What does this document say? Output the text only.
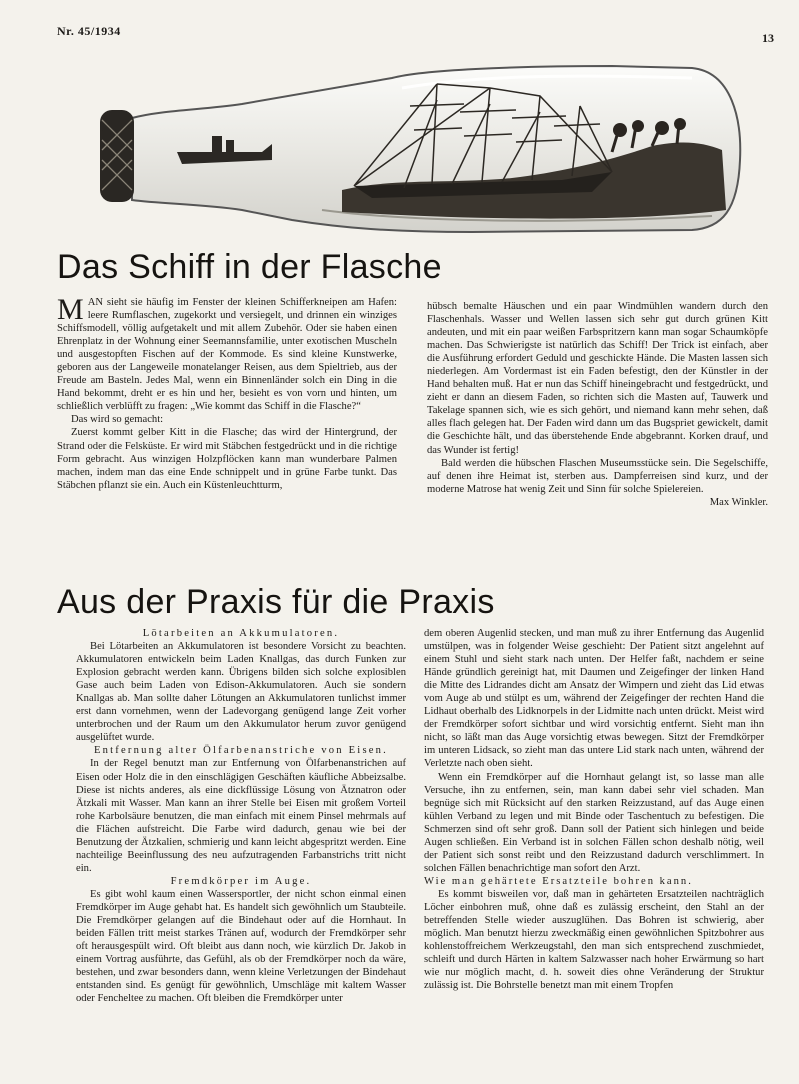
Nr. 45/1934	13
Das Schiff in der Flasche

MAN sieht sie häufig im Fenster der kleinen Schifferkneipen am Hafen: leere Rumflaschen, zugekorkt und versiegelt, und drinnen ein winziges Schiffsmodell, völlig aufgetakelt und mit allem Zubehör. Oder sie haben einen Ehrenplatz in der Wohnung einer Seemannsfamilie, unter exotischen Muscheln und ausgestopften Fischen auf der Kommode. Es sind kleine Kunstwerke, geboren aus der Langeweile monatelanger Reisen, aus dem Spieltrieb, aus der Freude am Basteln. Jedes Mal, wenn ein Binnenländer solch ein Ding in die Hand bekommt, dreht er es hin und her, besieht es von vorn und hinten, um schließlich verblüfft zu fragen: „Wie kommt das Schiff in die Flasche?“

Das wird so gemacht:

Zuerst kommt gelber Kitt in die Flasche; das wird der Hintergrund, der Strand oder die Felsküste. Er wird mit Stäbchen festgedrückt und in die richtige Form gebracht. Aus winzigen Holzpflöcken kann man wunderbare Palmen machen, indem man das eine Ende schnippelt und in grüne Farbe tunkt. Das Stäbchen pflanzt sie ein. Auch ein Küstenleuchtturm,

hübsch bemalte Häuschen und ein paar Windmühlen wandern durch den Flaschenhals. Wasser und Wellen lassen sich sehr gut durch grünen Kitt andeuten, und mit ein paar weißen Farbspritzern kann man sogar Schaumköpfe machen. Das Schwierigste ist natürlich das Schiff! Der Trick ist einfach, aber die Ausführung erfordert Geduld und geschickte Hände. Die Masten lassen sich niederlegen. Am Vordermast ist ein Faden befestigt, den der Künstler in der Hand behalten muß. Hat er nun das Schiff hineingebracht und festgedrückt, und zieht er dann an diesem Faden, so richten sich die Masten auf, Tauwerk und Takelage spannen sich, wie es sich gehört, und niemand kann mehr sehen, daß alles flach gelegen hat. Der Faden wird dann um das Bugspriet gewickelt, damit die Geschichte hält, und das überstehende Ende abgebrannt. Korken drauf, und das Wunder ist fertig!

Bald werden die hübschen Flaschen Museumsstücke sein. Die Segelschiffe, auf denen ihre Heimat ist, sterben aus. Dampferreisen sind kurz, und der moderne Matrose hat wenig Zeit und Sinn für solche Spielereien.
Max Winkler.

Aus der Praxis für die Praxis

Lötarbeiten an Akkumulatoren.

Bei Lötarbeiten an Akkumulatoren ist besondere Vorsicht zu beachten. Akkumulatoren entwickeln beim Laden Knallgas, das durch Funken zur Explosion gebracht werden kann. Übrigens bilden sich solche explosiblen Gase auch beim Laden von Edison-Akkumulatoren. Auch sie sondern Knallgas ab. Man sollte daher Lötungen an Akkumulatoren tunlichst immer erst dann vornehmen, wenn der Ladevorgang genügend lange Zeit vorher unterbrochen und der Raum um den Akkumulator herum zuvor genügend ausgelüftet wurde.

Entfernung alter Ölfarbenanstriche von Eisen.

In der Regel benutzt man zur Entfernung von Ölfarbenanstrichen auf Eisen oder Holz die in den einschlägigen Geschäften käufliche Abbeizsalbe. Diese ist nichts anderes, als eine dickflüssige Lösung von Ätznatron oder Ätzkali mit Wasser. Man kann an ihrer Stelle bei Eisen mit großem Vorteil rohe Karbolsäure benutzen, die man einfach mit einem Pinsel mehrmals auf die Flächen aufstreicht. Die Farbe wird dadurch, genau wie bei der Benutzung der Ätzkalien, schmierig und kann leicht abgespritzt werden. Eine nachteilige Beeinflussung des neu aufzutragenden Farbanstrichs tritt nicht ein.

Fremdkörper im Auge.

Es gibt wohl kaum einen Wassersportler, der nicht schon einmal einen Fremdkörper im Auge gehabt hat. Es handelt sich gewöhnlich um Staubteile. Die Fremdkörper gelangen auf die Bindehaut oder auf die Hornhaut. In beiden Fällen tritt meist starkes Tränen auf, wodurch der Fremdkörper sehr oft herausgespült wird. Oft bleibt aus dann noch, wie kürzlich Dr. Jakob in einem Vortrag ausführte, das Gefühl, als ob der Fremdkörper noch da wäre, bestehen, und zwar besonders dann, wenn kleine Verletzungen der Bindehaut entstanden sind. Es genügt für gewöhnlich, Umschläge mit kaltem Wasser oder Fencheltee zu machen. Oft bleiben die Fremdkörper unter

dem oberen Augenlid stecken, und man muß zu ihrer Entfernung das Augenlid umstülpen, was in folgender Weise geschieht: Der Patient sitzt angelehnt auf einem Stuhl und sieht stark nach unten. Der Helfer faßt, nachdem er seine Hände gründlich gereinigt hat, mit Daumen und Zeigefinger der linken Hand die Mitte des Lidrandes dicht am Ansatz der Wimpern und zieht das Lid etwas vom Auge ab und stülpt es um, während der Zeigefinger der rechten Hand die Lidhaut oberhalb des Lidknorpels in der Lidmitte nach unten drückt. Meist wird der Fremdkörper sofort sichtbar und wird vorsichtig entfernt. Sieht man ihn nicht, so läßt man das Auge vorsichtig etwas bewegen. Sitzt der Fremdkörper im unteren Lidsack, so zieht man das untere Lid stark nach unten, während der Verletzte nach oben sieht.

Wenn ein Fremdkörper auf die Hornhaut gelangt ist, so lasse man alle Versuche, ihn zu entfernen, sein, man kann dabei sehr viel schaden. Man begnüge sich mit Rücksicht auf den starken Reizzustand, auf das Auge einen kühlen Verband zu legen und mit Binde oder Taschentuch zu befestigen. Die Schmerzen sind oft sehr groß. Dann soll der Patient sich hinlegen und beide Augen schließen. Ein Verband ist in solchen Fällen schon deshalb nötig, weil der Patient sich sonst reibt und den Reizzustand dadurch verschlimmert. In solchen Fällen benachrichtige man sofort den Arzt.

Wie man gehärtete Ersatzteile bohren kann.

Es kommt bisweilen vor, daß man in gehärteten Ersatzteilen nachträglich Löcher einbohren muß, ohne daß es zulässig erscheint, den Stahl an der betreffenden Stelle wieder auszuglühen. Das Bohren ist schwierig, aber möglich. Man benutzt hierzu zweckmäßig einen gewöhnlichen Spitzbohrer aus kohlenstoffreichem Werkzeugstahl, den man sich entsprechend zuschmiedet, schleift und durch Härten in kaltem Salzwasser nach hoher Erwärmung so hart wie nur möglich macht, d. h. soweit dies ohne Veränderung der Struktur zulässig ist. Die Bohrstelle benetzt man mit einem Tropfen
